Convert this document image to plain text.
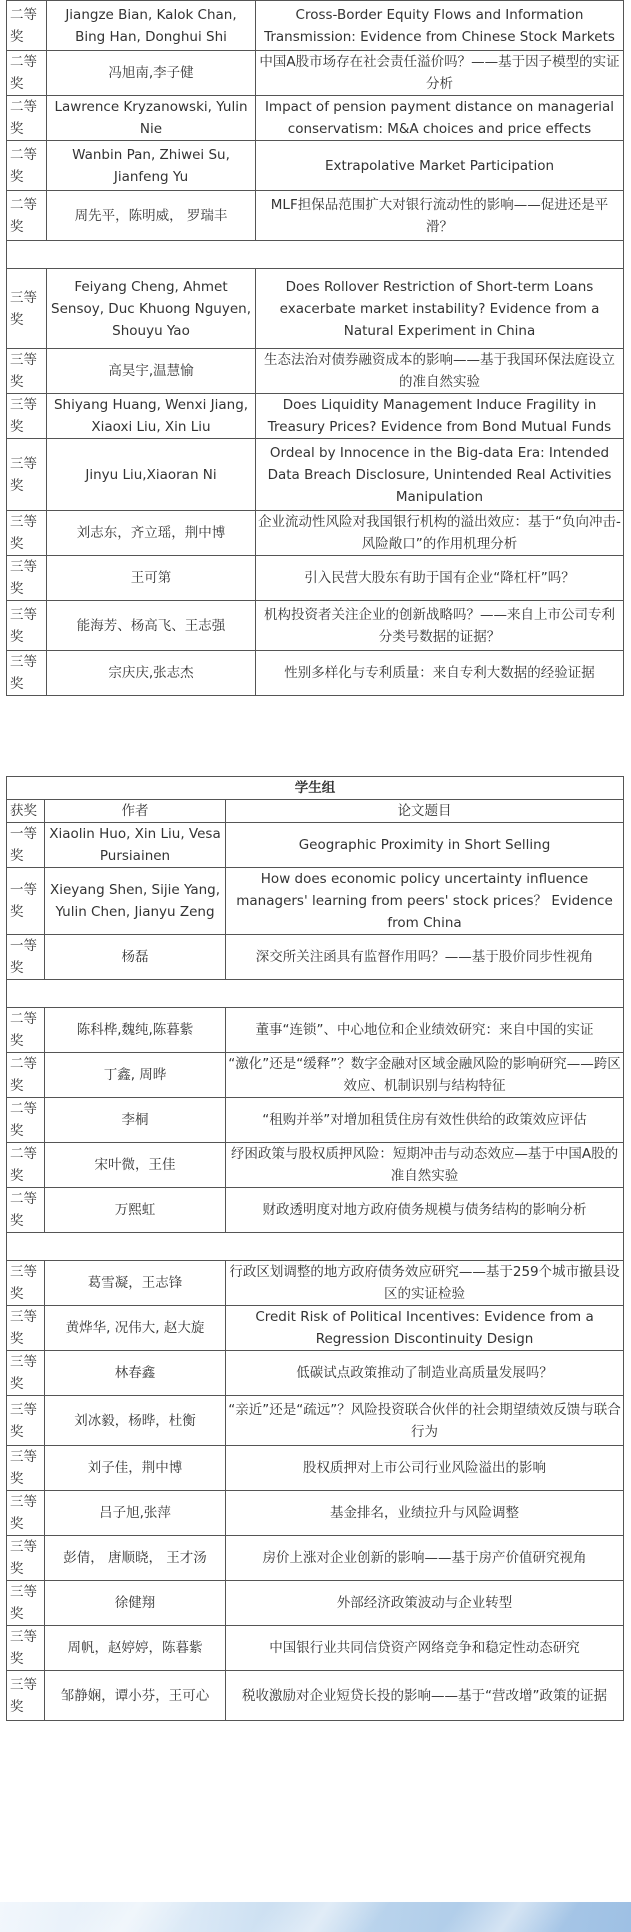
二等奖	Jiangze Bian, Kalok Chan, Bing Han, Donghui Shi	Cross-Border Equity Flows and Information Transmission: Evidence from Chinese Stock Markets
二等奖	冯旭南,李子健	中国A股市场存在社会责任溢价吗？——基于因子模型的实证分析
二等奖	Lawrence Kryzanowski, Yulin Nie	Impact of pension payment distance on managerial conservatism: M&A choices and price effects
二等奖	Wanbin Pan, Zhiwei Su, Jianfeng Yu	Extrapolative Market Participation
二等奖	周先平，陈明威， 罗瑞丰	MLF担保品范围扩大对银行流动性的影响——促进还是平滑？

三等奖	Feiyang Cheng, Ahmet Sensoy, Duc Khuong Nguyen, Shouyu Yao	Does Rollover Restriction of Short-term Loans exacerbate market instability? Evidence from a Natural Experiment in China
三等奖	高昊宇,温慧愉	生态法治对债券融资成本的影响——基于我国环保法庭设立的准自然实验
三等奖	Shiyang Huang, Wenxi Jiang, Xiaoxi Liu, Xin Liu	Does Liquidity Management Induce Fragility in Treasury Prices? Evidence from Bond Mutual Funds
三等奖	Jinyu Liu,Xiaoran Ni	Ordeal by Innocence in the Big-data Era: Intended Data Breach Disclosure, Unintended Real Activities Manipulation
三等奖	刘志东，齐立瑶，荆中博	企业流动性风险对我国银行机构的溢出效应：基于“负向冲击-风险敞口”的作用机理分析
三等奖	王可第	引入民营大股东有助于国有企业“降杠杆”吗？
三等奖	能海芳、杨高飞、王志强	机构投资者关注企业的创新战略吗？——来自上市公司专利分类号数据的证据？
三等奖	宗庆庆,张志杰	性别多样化与专利质量：来自专利大数据的经验证据
学生组		
获奖	作者	论文题目
一等奖	Xiaolin Huo, Xin Liu, Vesa Pursiainen	Geographic Proximity in Short Selling
一等奖	Xieyang Shen, Sijie Yang, Yulin Chen, Jianyu Zeng	How does economic policy uncertainty influence managers' learning from peers' stock prices？ Evidence from China
一等奖	杨磊	深交所关注函具有监督作用吗？——基于股价同步性视角

二等奖	陈科桦,魏纯,陈暮紫	董事“连锁”、中心地位和企业绩效研究：来自中国的实证
二等奖	丁鑫, 周晔	“激化”还是“缓释”？数字金融对区域金融风险的影响研究——跨区效应、机制识别与结构特征
二等奖	李桐	“租购并举”对增加租赁住房有效性供给的政策效应评估
二等奖	宋叶微，王佳	纾困政策与股权质押风险：短期冲击与动态效应—基于中国A股的准自然实验
二等奖	万熙虹	财政透明度对地方政府债务规模与债务结构的影响分析

三等奖	葛雪凝，王志锋	行政区划调整的地方政府债务效应研究——基于259个城市撤县设区的实证检验
三等奖	黄烨华, 况伟大, 赵大旋	Credit Risk of Political Incentives: Evidence from a Regression Discontinuity Design
三等奖	林春鑫	低碳试点政策推动了制造业高质量发展吗？
三等奖	刘冰毅，杨晔，杜衡	“亲近”还是“疏远”？风险投资联合伙伴的社会期望绩效反馈与联合行为
三等奖	刘子佳，荆中博	股权质押对上市公司行业风险溢出的影响
三等奖	吕子旭,张萍	基金排名，业绩拉升与风险调整
三等奖	彭倩， 唐顺晓， 王才汤	房价上涨对企业创新的影响——基于房产价值研究视角
三等奖	徐健翔	外部经济政策波动与企业转型
三等奖	周帆，赵婷婷，陈暮紫	中国银行业共同信贷资产网络竞争和稳定性动态研究
三等奖	邹静娴，谭小芬，王可心	税收激励对企业短贷长投的影响——基于“营改增”政策的证据
